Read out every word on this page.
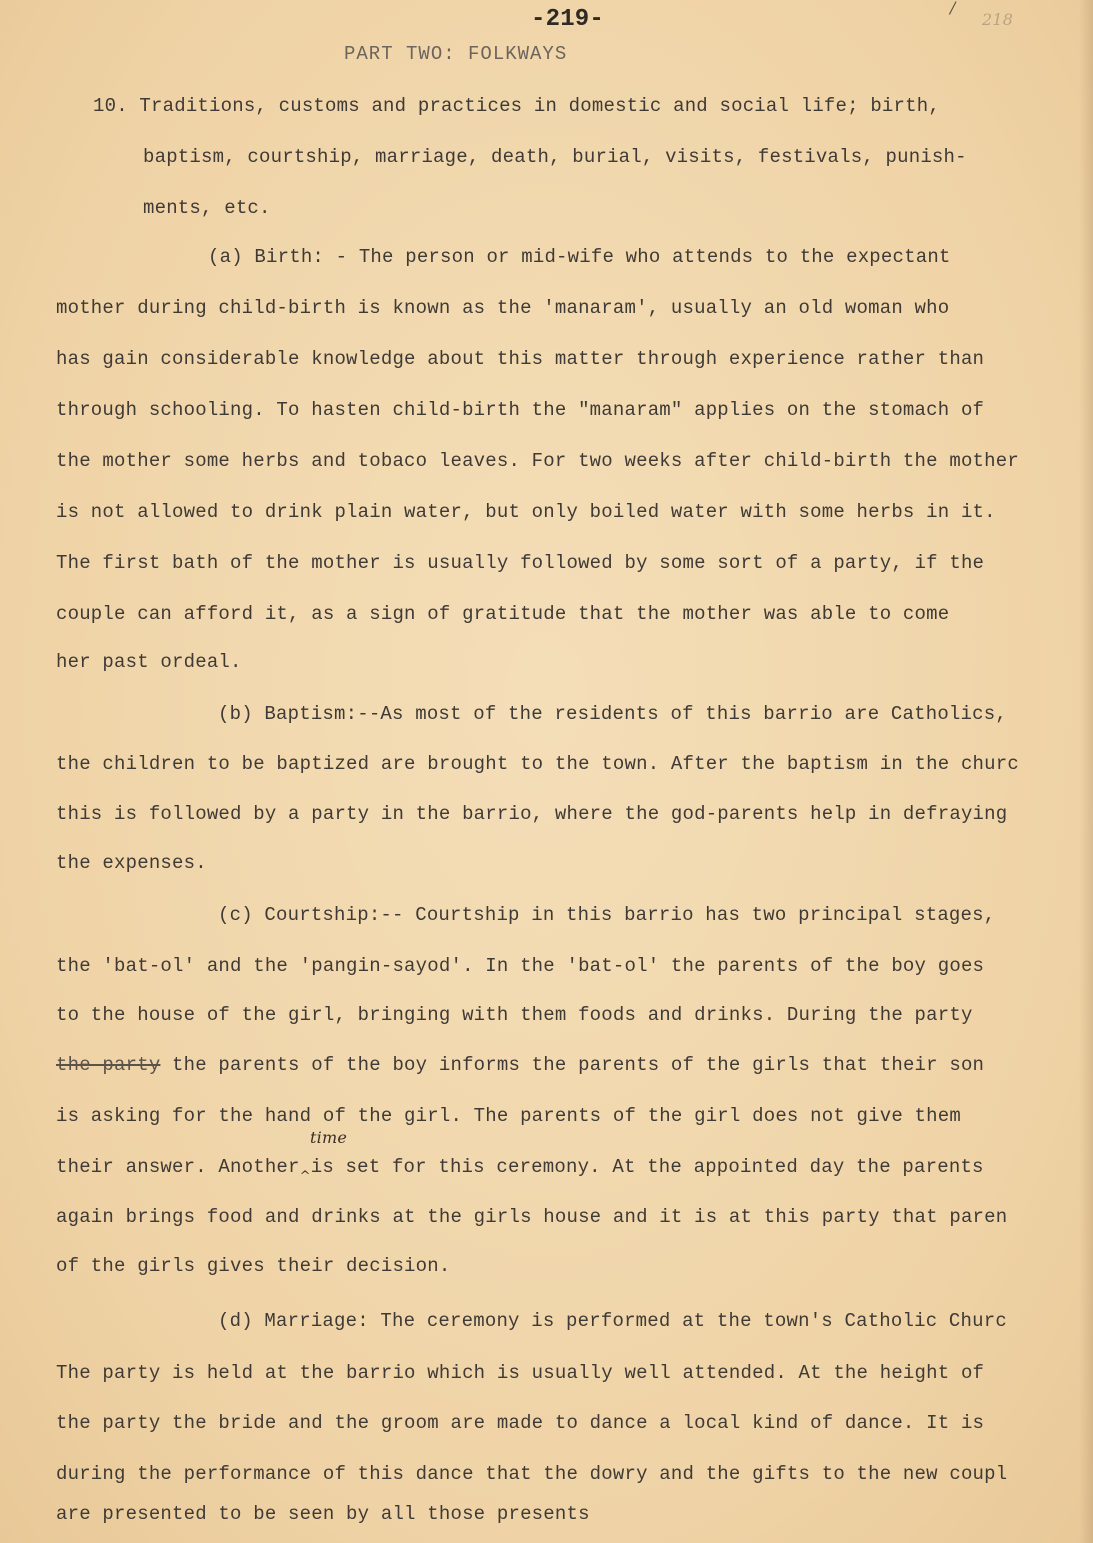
-219-	/
218
PART TWO: FOLKWAYS
10. Traditions, customs and practices in domestic and social life; birth,
baptism, courtship, marriage, death, burial, visits, festivals, punish-
ments, etc.
(a) Birth: - The person or mid-wife who attends to the expectant
mother during child-birth is known as the 'manaram', usually an old woman who
has gain considerable knowledge about this matter through experience rather than
through schooling. To hasten child-birth the "manaram" applies on the stomach of
the mother some herbs and tobaco leaves. For two weeks after child-birth the mother
is not allowed to drink plain water, but only boiled water with some herbs in it.
The first bath of the mother is usually followed by some sort of a party, if the
couple can afford it, as a sign of gratitude that the mother was able to come
her past ordeal.
(b) Baptism:--As most of the residents of this barrio are Catholics,
the children to be baptized are brought to the town. After the baptism in the churc
this is followed by a party in the barrio, where the god-parents help in defraying
the expenses.
(c) Courtship:-- Courtship in this barrio has two principal stages,
the 'bat-ol' and the 'pangin-sayod'. In the 'bat-ol' the parents of the boy goes
to the house of the girl, bringing with them foods and drinks. During the party
the party the parents of the boy informs the parents of the girls that their son
is asking for the hand of the girl. The parents of the girl does not give them
time
their answer. Another$_{\^{}}$is set for this ceremony. At the appointed day the parents
again brings food and drinks at the girls house and it is at this party that paren
of the girls gives their decision.
(d) Marriage: The ceremony is performed at the town's Catholic Churc
The party is held at the barrio which is usually well attended. At the height of
the party the bride and the groom are made to dance a local kind of dance. It is
during the performance of this dance that the dowry and the gifts to the new coupl
are presented to be seen by all those presents
